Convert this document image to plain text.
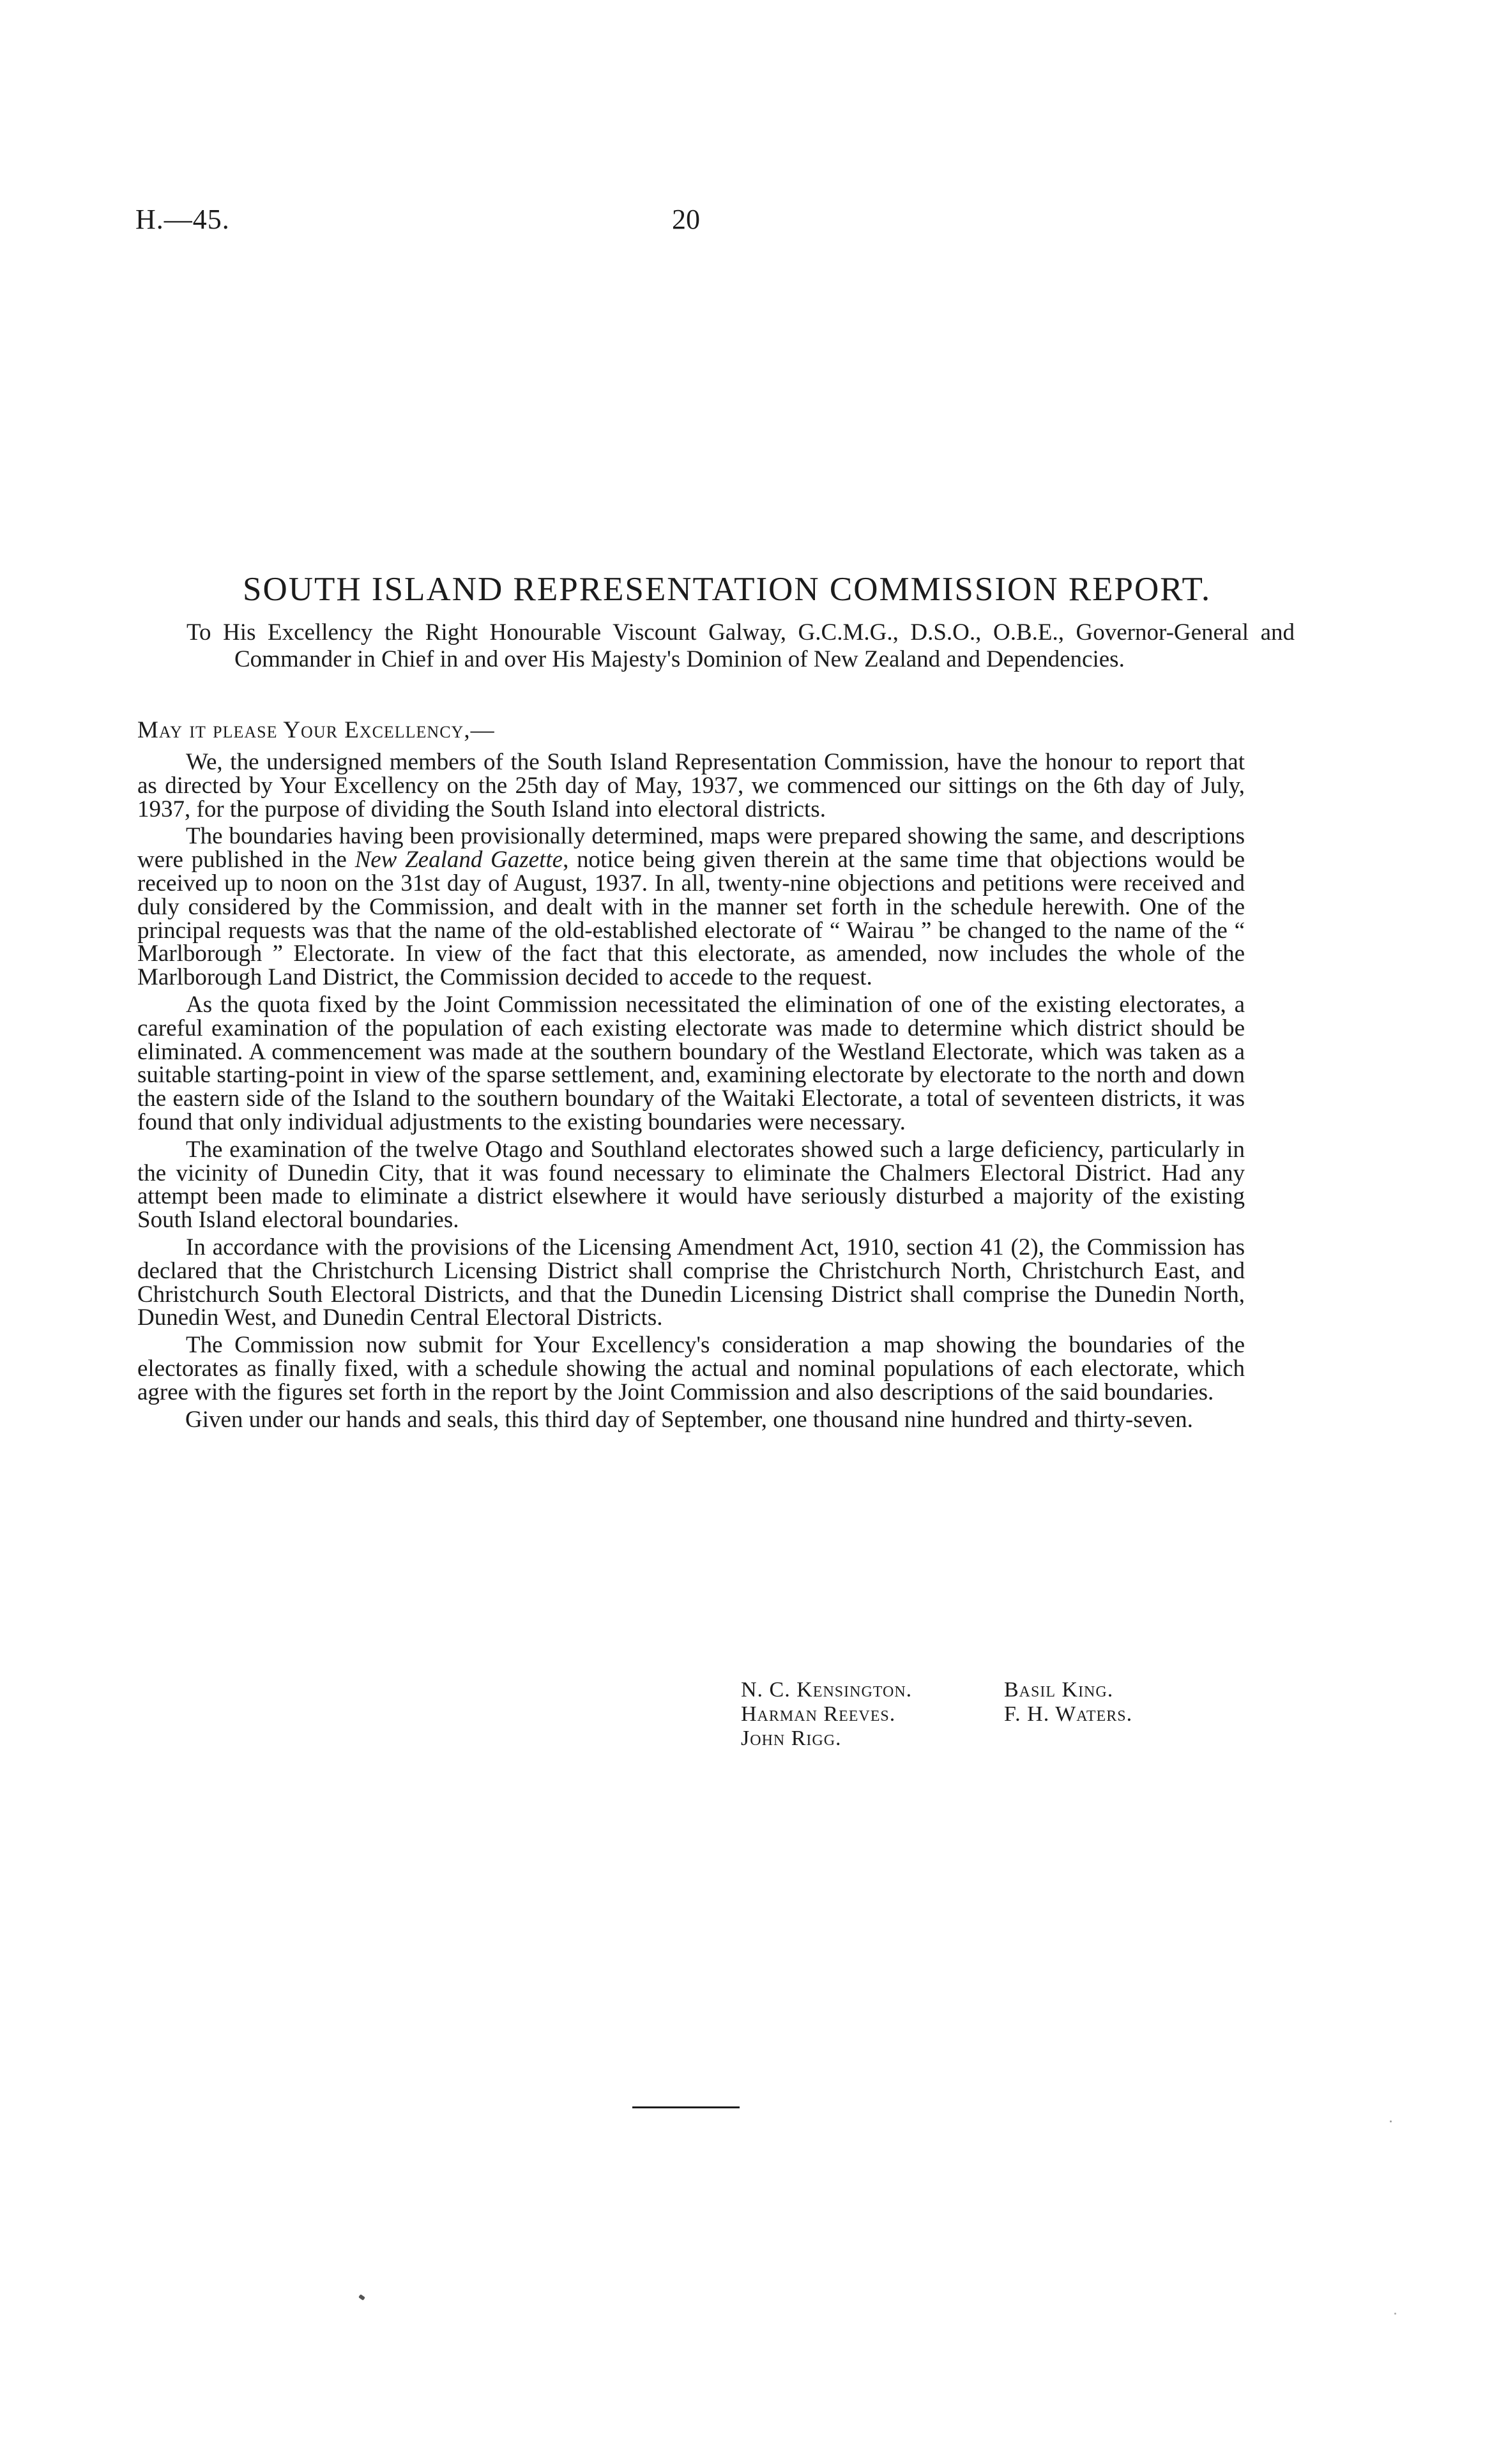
H.—45.	20
SOUTH ISLAND REPRESENTATION COMMISSION REPORT.
To His Excellency the Right Honourable Viscount Galway, G.C.M.G., D.S.O., O.B.E., Governor-General and Commander in Chief in and over His Majesty's Dominion of New Zealand and Dependencies.
May it please Your Excellency,—

We, the undersigned members of the South Island Representation Commission, have the honour to report that as directed by Your Excellency on the 25th day of May, 1937, we commenced our sittings on the 6th day of July, 1937, for the purpose of dividing the South Island into electoral districts.

The boundaries having been provisionally determined, maps were prepared showing the same, and descriptions were published in the New Zealand Gazette, notice being given therein at the same time that objections would be received up to noon on the 31st day of August, 1937. In all, twenty-nine objections and petitions were received and duly considered by the Commission, and dealt with in the manner set forth in the schedule herewith. One of the principal requests was that the name of the old-established electorate of “ Wairau ” be changed to the name of the “ Marlborough ” Electorate. In view of the fact that this electorate, as amended, now includes the whole of the Marlborough Land District, the Commission decided to accede to the request.

As the quota fixed by the Joint Commission necessitated the elimination of one of the existing electorates, a careful examination of the population of each existing electorate was made to determine which district should be eliminated. A commencement was made at the southern boundary of the Westland Electorate, which was taken as a suitable starting-point in view of the sparse settlement, and, examining electorate by electorate to the north and down the eastern side of the Island to the southern boundary of the Waitaki Electorate, a total of seventeen districts, it was found that only individual adjustments to the existing boundaries were necessary.

The examination of the twelve Otago and Southland electorates showed such a large deficiency, particularly in the vicinity of Dunedin City, that it was found necessary to eliminate the Chalmers Electoral District. Had any attempt been made to eliminate a district elsewhere it would have seriously disturbed a majority of the existing South Island electoral boundaries.

In accordance with the provisions of the Licensing Amendment Act, 1910, section 41 (2), the Commission has declared that the Christchurch Licensing District shall comprise the Christchurch North, Christchurch East, and Christchurch South Electoral Districts, and that the Dunedin Licensing District shall comprise the Dunedin North, Dunedin West, and Dunedin Central Electoral Districts.

The Commission now submit for Your Excellency's consideration a map showing the boundaries of the electorates as finally fixed, with a schedule showing the actual and nominal populations of each electorate, which agree with the figures set forth in the report by the Joint Commission and also descriptions of the said boundaries.

Given under our hands and seals, this third day of September, one thousand nine hundred and thirty-seven.

N. C. Kensington.
Harman Reeves.
John Rigg.
Basil King.
F. H. Waters.
